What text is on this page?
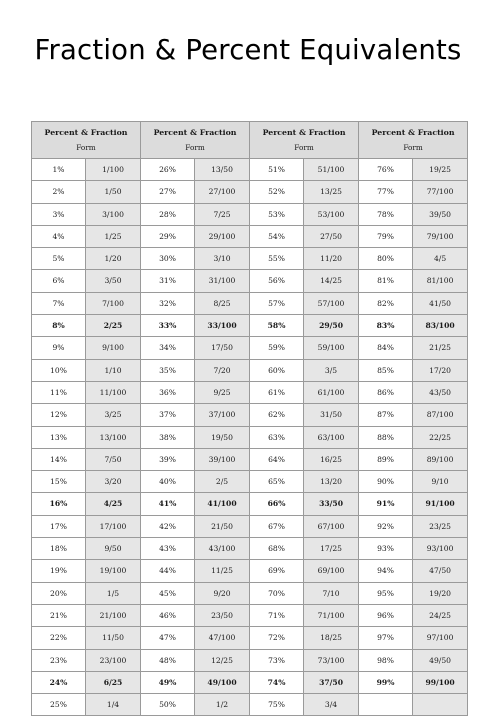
Fraction & Percent Equivalents
Percent & Fraction
Form		Percent & Fraction
Form		Percent & Fraction
Form		Percent & Fraction
Form	

1%	1/100	26%	13/50	51%	51/100	76%	19/25
2%	1/50	27%	27/100	52%	13/25	77%	77/100
3%	3/100	28%	7/25	53%	53/100	78%	39/50
4%	1/25	29%	29/100	54%	27/50	79%	79/100
5%	1/20	30%	3/10	55%	11/20	80%	4/5
6%	3/50	31%	31/100	56%	14/25	81%	81/100
7%	7/100	32%	8/25	57%	57/100	82%	41/50
8%	2/25	33%	33/100	58%	29/50	83%	83/100
9%	9/100	34%	17/50	59%	59/100	84%	21/25
10%	1/10	35%	7/20	60%	3/5	85%	17/20
11%	11/100	36%	9/25	61%	61/100	86%	43/50
12%	3/25	37%	37/100	62%	31/50	87%	87/100
13%	13/100	38%	19/50	63%	63/100	88%	22/25
14%	7/50	39%	39/100	64%	16/25	89%	89/100
15%	3/20	40%	2/5	65%	13/20	90%	9/10
16%	4/25	41%	41/100	66%	33/50	91%	91/100
17%	17/100	42%	21/50	67%	67/100	92%	23/25
18%	9/50	43%	43/100	68%	17/25	93%	93/100
19%	19/100	44%	11/25	69%	69/100	94%	47/50
20%	1/5	45%	9/20	70%	7/10	95%	19/20
21%	21/100	46%	23/50	71%	71/100	96%	24/25
22%	11/50	47%	47/100	72%	18/25	97%	97/100
23%	23/100	48%	12/25	73%	73/100	98%	49/50
24%	6/25	49%	49/100	74%	37/50	99%	99/100
25%	1/4	50%	1/2	75%	3/4		
